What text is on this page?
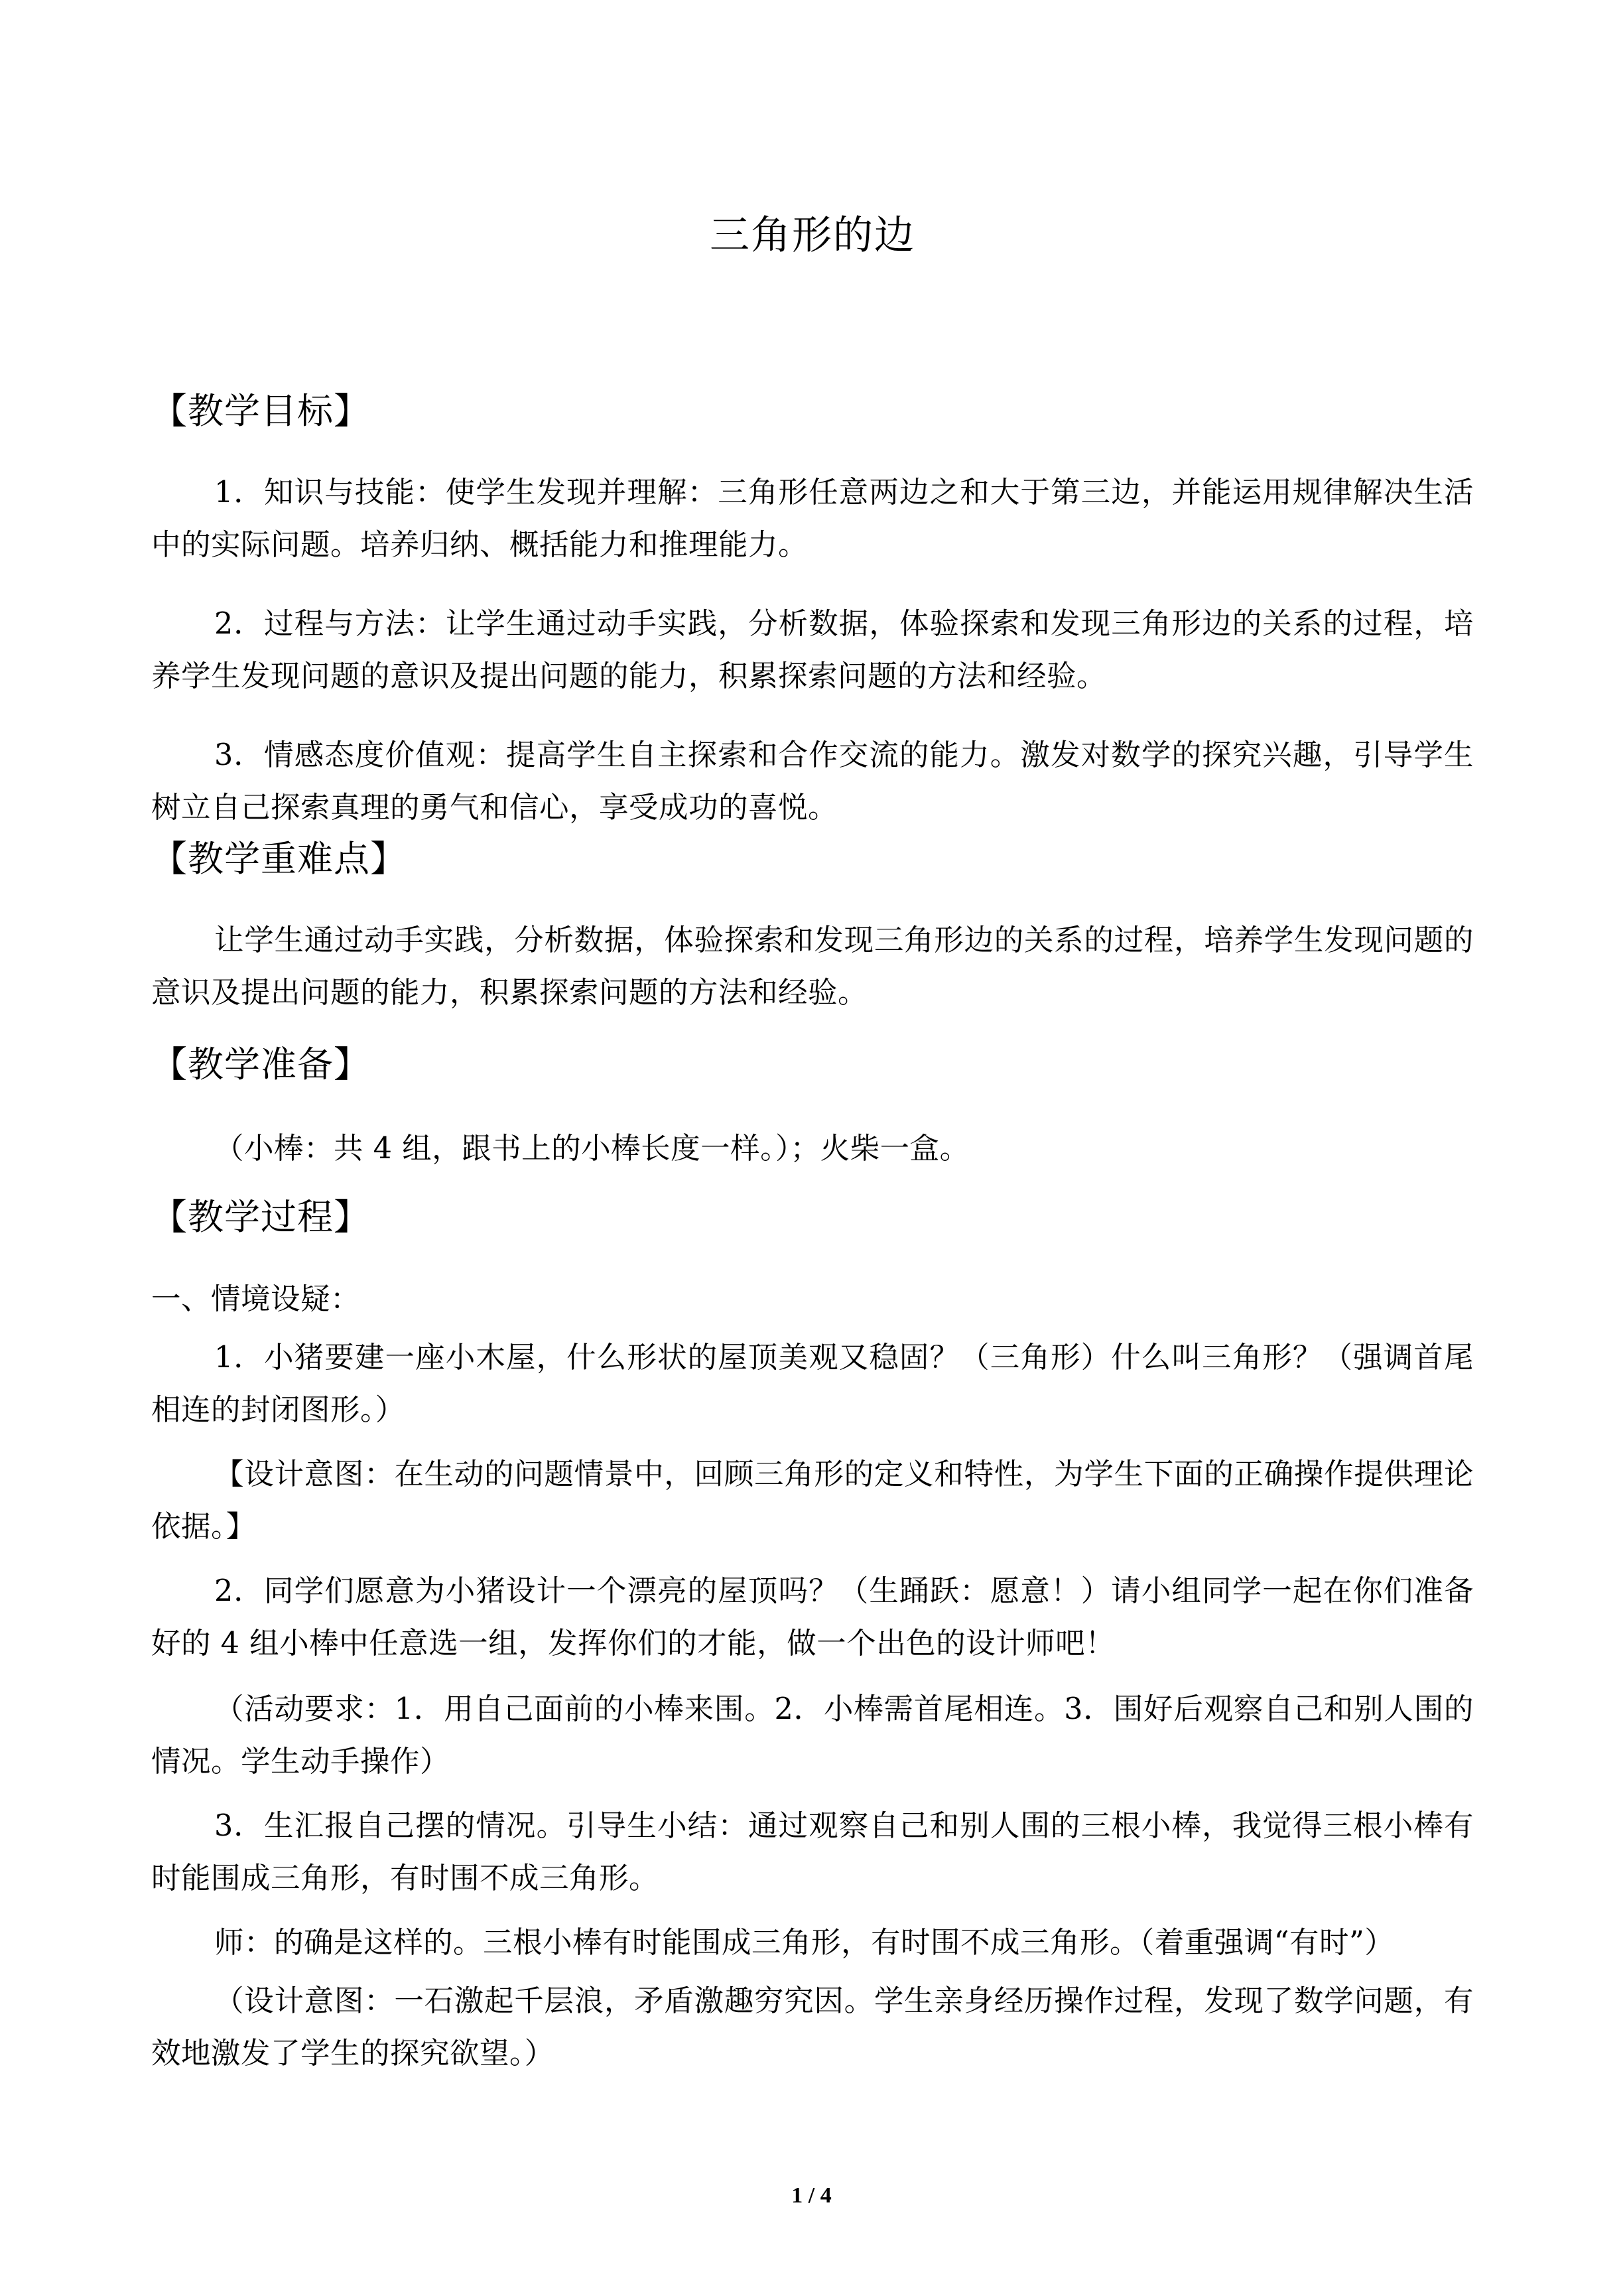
三角形的边
【教学目标】
1．知识与技能：使学生发现并理解：三角形任意两边之和大于第三边，并能运用规律解决生活中的实际问题。培养归纳、概括能力和推理能力。
2．过程与方法：让学生通过动手实践，分析数据，体验探索和发现三角形边的关系的过程，培养学生发现问题的意识及提出问题的能力，积累探索问题的方法和经验。
3．情感态度价值观：提高学生自主探索和合作交流的能力。激发对数学的探究兴趣，引导学生树立自己探索真理的勇气和信心，享受成功的喜悦。
【教学重难点】
让学生通过动手实践，分析数据，体验探索和发现三角形边的关系的过程，培养学生发现问题的意识及提出问题的能力，积累探索问题的方法和经验。
【教学准备】
（小棒：共 4 组，跟书上的小棒长度一样。）；火柴一盒。
【教学过程】
一、情境设疑：
1．小猪要建一座小木屋，什么形状的屋顶美观又稳固？（三角形）什么叫三角形？（强调首尾相连的封闭图形。）
【设计意图：在生动的问题情景中，回顾三角形的定义和特性，为学生下面的正确操作提供理论依据。】
2．同学们愿意为小猪设计一个漂亮的屋顶吗？（生踊跃：愿意！）请小组同学一起在你们准备好的 4 组小棒中任意选一组，发挥你们的才能，做一个出色的设计师吧！
（活动要求：1．用自己面前的小棒来围。2．小棒需首尾相连。3．围好后观察自己和别人围的情况。学生动手操作）
3．生汇报自己摆的情况。引导生小结：通过观察自己和别人围的三根小棒，我觉得三根小棒有时能围成三角形，有时围不成三角形。
师：的确是这样的。三根小棒有时能围成三角形，有时围不成三角形。（着重强调“有时”）
（设计意图：一石激起千层浪，矛盾激趣穷究因。学生亲身经历操作过程，发现了数学问题，有效地激发了学生的探究欲望。）
1 / 4
